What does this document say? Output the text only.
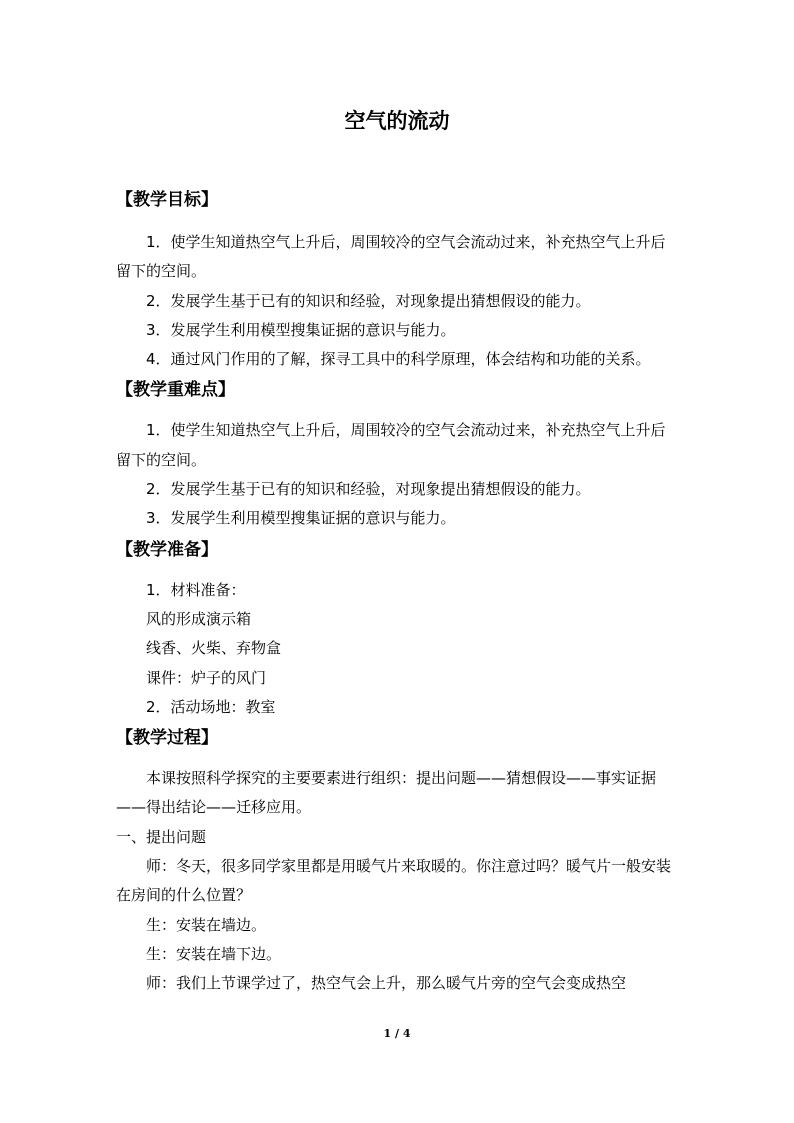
空气的流动
【教学目标】

1．使学生知道热空气上升后，周围较冷的空气会流动过来，补充热空气上升后留下的空间。

2．发展学生基于已有的知识和经验，对现象提出猜想假设的能力。

3．发展学生利用模型搜集证据的意识与能力。

4．通过风门作用的了解，探寻工具中的科学原理，体会结构和功能的关系。

【教学重难点】

1．使学生知道热空气上升后，周围较冷的空气会流动过来，补充热空气上升后留下的空间。

2．发展学生基于已有的知识和经验，对现象提出猜想假设的能力。

3．发展学生利用模型搜集证据的意识与能力。

【教学准备】

1．材料准备：

风的形成演示箱

线香、火柴、弃物盒

课件：炉子的风门

2．活动场地：教室

【教学过程】

本课按照科学探究的主要要素进行组织：提出问题——猜想假设——事实证据——得出结论——迁移应用。

一、提出问题

师：冬天，很多同学家里都是用暖气片来取暖的。你注意过吗？暖气片一般安装在房间的什么位置？

生：安装在墙边。

生：安装在墙下边。

师：我们上节课学过了，热空气会上升，那么暖气片旁的空气会变成热空

1 / 4
